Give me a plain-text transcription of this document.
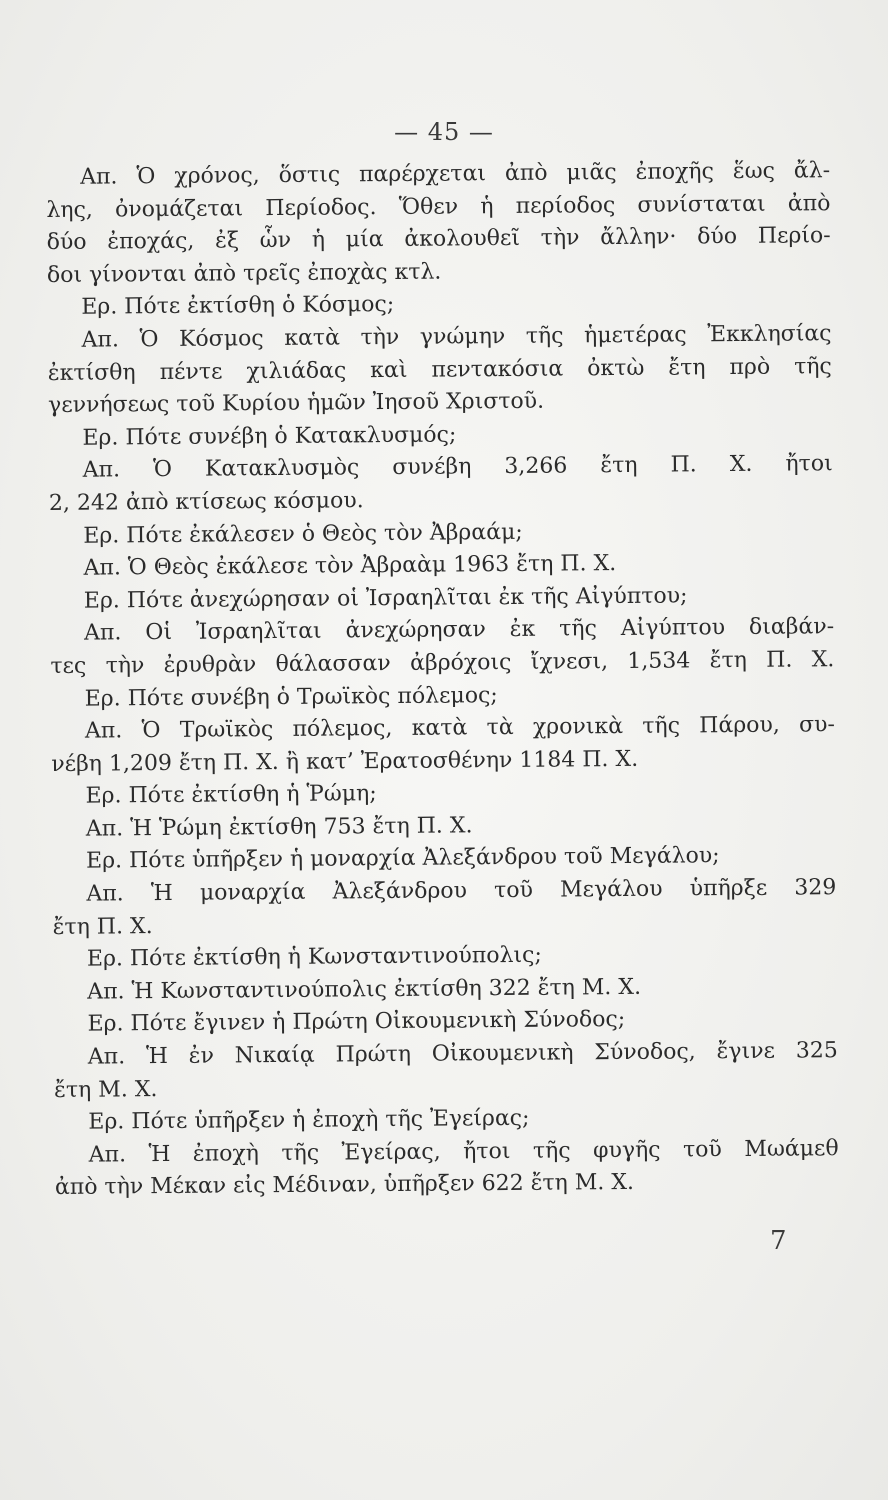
— 45 —
Απ. Ὁ χρόνος, ὅστις παρέρχεται ἀπὸ μιᾶς ἐποχῆς ἕως ἄλ-
λης, ὀνομάζεται Περίοδος. Ὅθεν ἡ περίοδος συνίσταται ἀπὸ
δύο ἐποχάς, ἐξ ὧν ἡ μία ἀκολουθεῖ τὴν ἄλλην· δύο Περίο-
δοι γίνονται ἀπὸ τρεῖς ἐποχὰς κτλ.
Ερ. Πότε ἐκτίσθη ὁ Κόσμος;
Απ. Ὁ Κόσμος κατὰ τὴν γνώμην τῆς ἡμετέρας Ἐκκλησίας
ἐκτίσθη πέντε χιλιάδας καὶ πεντακόσια ὀκτὼ ἔτη πρὸ τῆς
γεννήσεως τοῦ Κυρίου ἡμῶν Ἰησοῦ Χριστοῦ.
Ερ. Πότε συνέβη ὁ Κατακλυσμός;
Απ. Ὁ Κατακλυσμὸς συνέβη 3,266 ἔτη Π. Χ. ἤτοι
2, 242 ἀπὸ κτίσεως κόσμου.
Ερ. Πότε ἐκάλεσεν ὁ Θεὸς τὸν Ἀβραάμ;
Απ. Ὁ Θεὸς ἐκάλεσε τὸν Ἀβραὰμ 1963 ἔτη Π. Χ.
Ερ. Πότε ἀνεχώρησαν οἱ Ἰσραηλῖται ἐκ τῆς Αἰγύπτου;
Απ. Οἱ Ἰσραηλῖται ἀνεχώρησαν ἐκ τῆς Αἰγύπτου διαβάν-
τες τὴν ἐρυθρὰν θάλασσαν ἀβρόχοις ἴχνεσι, 1,534 ἔτη Π. Χ.
Ερ. Πότε συνέβη ὁ Τρωϊκὸς πόλεμος;
Απ. Ὁ Τρωϊκὸς πόλεμος, κατὰ τὰ χρονικὰ τῆς Πάρου, συ-
νέβη 1,209 ἔτη Π. Χ. ἢ κατ’ Ἐρατοσθένην 1184 Π. Χ.
Ερ. Πότε ἐκτίσθη ἡ Ῥώμη;
Απ. Ἡ Ῥώμη ἐκτίσθη 753 ἔτη Π. Χ.
Ερ. Πότε ὑπῆρξεν ἡ μοναρχία Ἀλεξάνδρου τοῦ Μεγάλου;
Απ. Ἡ μοναρχία Ἀλεξάνδρου τοῦ Μεγάλου ὑπῆρξε 329
ἔτη Π. Χ.
Ερ. Πότε ἐκτίσθη ἡ Κωνσταντινούπολις;
Απ. Ἡ Κωνσταντινούπολις ἐκτίσθη 322 ἔτη Μ. Χ.
Ερ. Πότε ἔγινεν ἡ Πρώτη Οἰκουμενικὴ Σύνοδος;
Απ. Ἡ ἐν Νικαίᾳ Πρώτη Οἰκουμενικὴ Σύνοδος, ἔγινε 325
ἔτη Μ. Χ.
Ερ. Πότε ὑπῆρξεν ἡ ἐποχὴ τῆς Ἐγείρας;
Απ. Ἡ ἐποχὴ τῆς Ἐγείρας, ἤτοι τῆς φυγῆς τοῦ Μωάμεθ
ἀπὸ τὴν Μέκαν εἰς Μέδιναν, ὑπῆρξεν 622 ἔτη Μ. Χ.
7
